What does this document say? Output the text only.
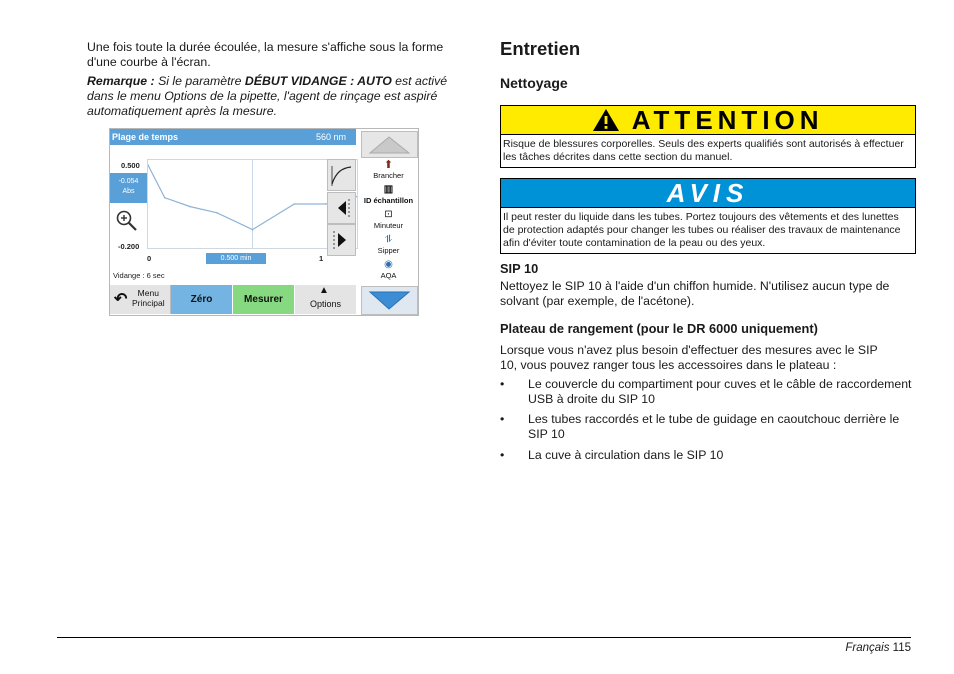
Une fois toute la durée écoulée, la mesure s'affiche sous la forme d'une courbe à l'écran.

Remarque : Si le paramètre DÉBUT VIDANGE : AUTO est activé dans le menu Options de la pipette, l'agent de rinçage est aspiré automatiquement après la mesure.

Plage de temps	560 nm
0.500
-0.054
Abs
-0.200
0	0.500 min	1
Vidange : 6 sec
⬆
Brancher
▥
ID échantillon
⊡
Minuteur
⥮
Sipper
◉
AQA
↶	Menu
Principal	Zéro	Mesurer
▲
Options
Entretien
Nettoyage
ATTENTION
Risque de blessures corporelles. Seuls des experts qualifiés sont autorisés à effectuer les tâches décrites dans cette section du manuel.
AVIS
Il peut rester du liquide dans les tubes. Portez toujours des vêtements et des lunettes de protection adaptés pour changer les tubes ou réaliser des travaux de maintenance afin d'éviter toute contamination de la peau ou des yeux.
SIP 10

Nettoyez le SIP 10 à l'aide d'un chiffon humide. N'utilisez aucun type de solvant (par exemple, de l'acétone).

Plateau de rangement (pour le DR 6000 uniquement)

Lorsque vous n'avez plus besoin d'effectuer des mesures avec le SIP 10, vous pouvez ranger tous les accessoires dans le plateau :

• Le couvercle du compartiment pour cuves et le câble de raccordement USB à droite du SIP 10
• Les tubes raccordés et le tube de guidage en caoutchouc derrière le SIP 10
• La cuve à circulation dans le SIP 10
Français 115
